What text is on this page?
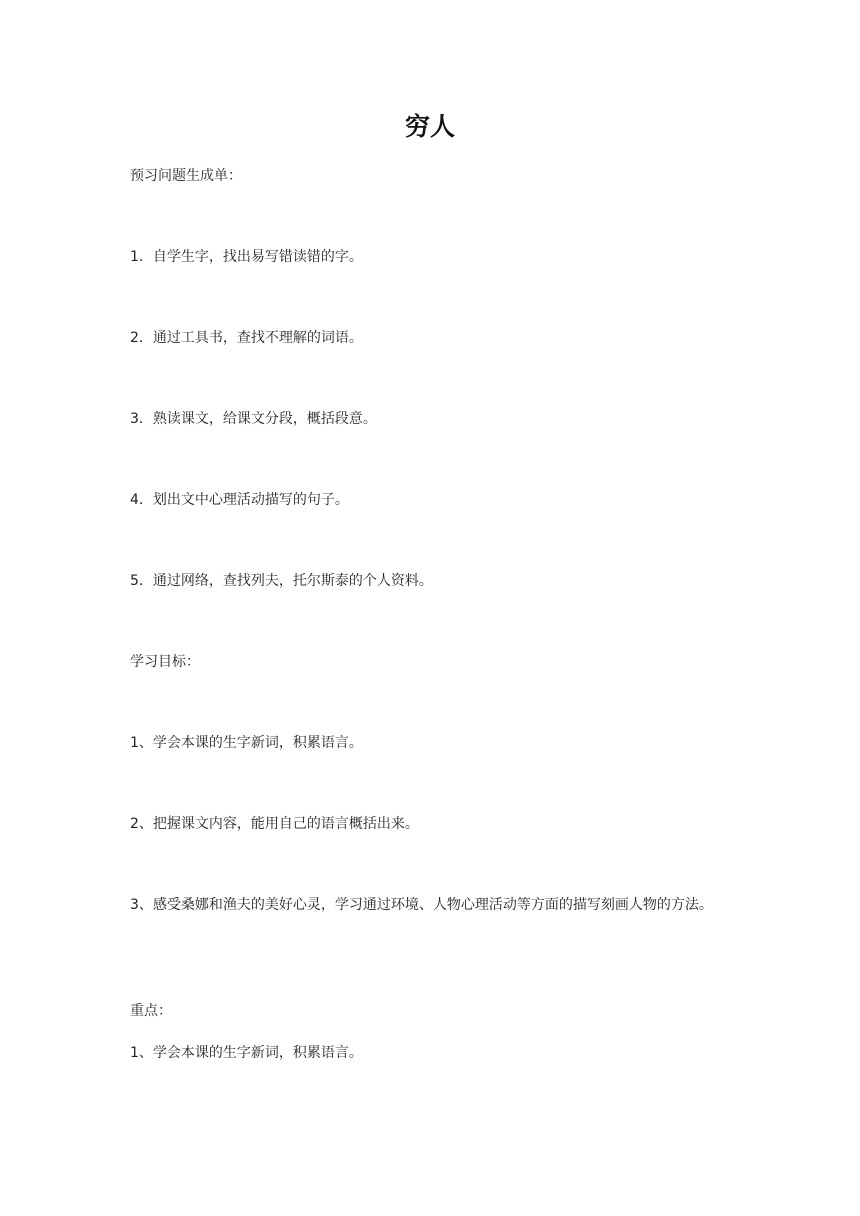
穷人

预习问题生成单：

1．自学生字，找出易写错读错的字。

2．通过工具书，查找不理解的词语。

3．熟读课文，给课文分段，概括段意。

4．划出文中心理活动描写的句子。

5．通过网络，查找列夫，托尔斯泰的个人资料。

学习目标：

1、学会本课的生字新词，积累语言。

2、把握课文内容，能用自己的语言概括出来。

3、感受桑娜和渔夫的美好心灵，学习通过环境、人物心理活动等方面的描写刻画人物的方法。

重点：

1、学会本课的生字新词，积累语言。
